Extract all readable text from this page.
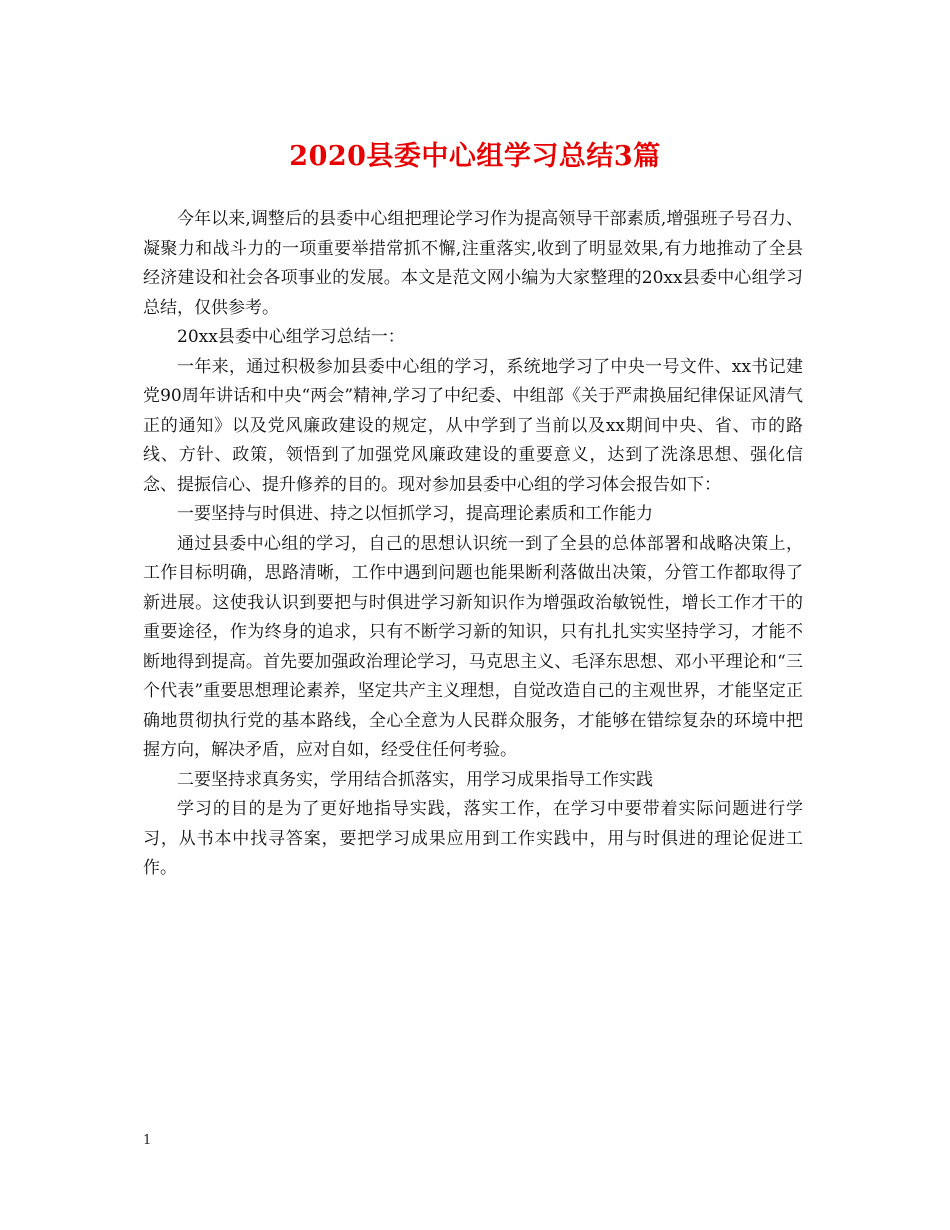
2020县委中心组学习总结3篇

今年以来,调整后的县委中心组把理论学习作为提高领导干部素质,增强班子号召力、凝聚力和战斗力的一项重要举措常抓不懈,注重落实,收到了明显效果,有力地推动了全县经济建设和社会各项事业的发展。本文是范文网小编为大家整理的20xx县委中心组学习总结，仅供参考。

20xx县委中心组学习总结一：

一年来，通过积极参加县委中心组的学习，系统地学习了中央一号文件、xx书记建党90周年讲话和中央“两会”精神,学习了中纪委、中组部《关于严肃换届纪律保证风清气正的通知》以及党风廉政建设的规定，从中学到了当前以及xx期间中央、省、市的路线、方针、政策，领悟到了加强党风廉政建设的重要意义，达到了洗涤思想、强化信念、提振信心、提升修养的目的。现对参加县委中心组的学习体会报告如下：

一要坚持与时俱进、持之以恒抓学习，提高理论素质和工作能力

通过县委中心组的学习，自己的思想认识统一到了全县的总体部署和战略决策上，工作目标明确，思路清晰，工作中遇到问题也能果断利落做出决策，分管工作都取得了新进展。这使我认识到要把与时俱进学习新知识作为增强政治敏锐性，增长工作才干的重要途径，作为终身的追求，只有不断学习新的知识，只有扎扎实实坚持学习，才能不断地得到提高。首先要加强政治理论学习，马克思主义、毛泽东思想、邓小平理论和“三个代表”重要思想理论素养，坚定共产主义理想，自觉改造自己的主观世界，才能坚定正确地贯彻执行党的基本路线，全心全意为人民群众服务，才能够在错综复杂的环境中把握方向，解决矛盾，应对自如，经受住任何考验。

二要坚持求真务实，学用结合抓落实，用学习成果指导工作实践

学习的目的是为了更好地指导实践，落实工作，在学习中要带着实际问题进行学习，从书本中找寻答案，要把学习成果应用到工作实践中，用与时俱进的理论促进工作。

1
